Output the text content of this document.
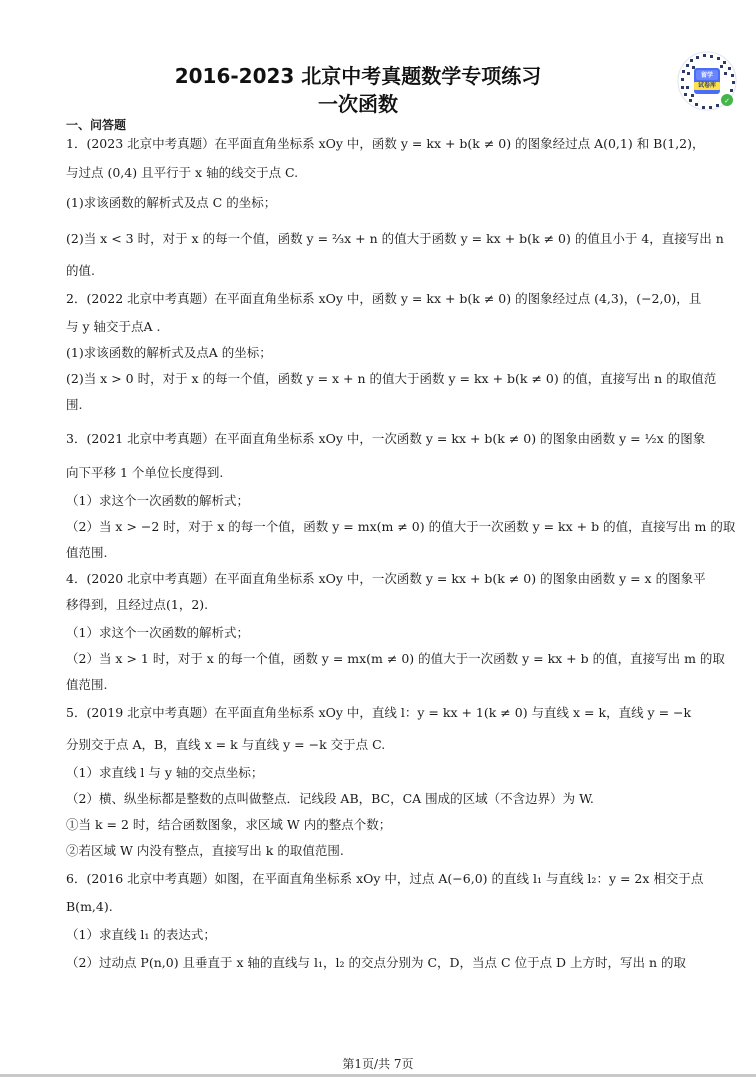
2016-2023 北京中考真题数学专项练习
一次函数	✓
留学
试卷库
一、问答题
1．(2023 北京中考真题）在平面直角坐标系 xOy 中，函数 y = kx + b(k ≠ 0) 的图象经过点 A(0,1) 和 B(1,2)，
与过点 (0,4) 且平行于 x 轴的线交于点 C.
(1)求该函数的解析式及点 C 的坐标；
(2)当 x < 3 时，对于 x 的每一个值，函数 y = ⅔x + n 的值大于函数 y = kx + b(k ≠ 0) 的值且小于 4，直接写出 n
的值.
2．(2022 北京中考真题）在平面直角坐标系 xOy 中，函数 y = kx + b(k ≠ 0) 的图象经过点 (4,3)，(−2,0)，且
与 y 轴交于点A .
(1)求该函数的解析式及点A 的坐标；
(2)当 x > 0 时，对于 x 的每一个值，函数 y = x + n 的值大于函数 y = kx + b(k ≠ 0) 的值，直接写出 n 的取值范
围.
3．(2021 北京中考真题）在平面直角坐标系 xOy 中，一次函数 y = kx + b(k ≠ 0) 的图象由函数 y = ½x 的图象
向下平移 1 个单位长度得到.
（1）求这个一次函数的解析式；
（2）当 x > −2 时，对于 x 的每一个值，函数 y = mx(m ≠ 0) 的值大于一次函数 y = kx + b 的值，直接写出 m 的取
值范围.
4．(2020 北京中考真题）在平面直角坐标系 xOy 中，一次函数 y = kx + b(k ≠ 0) 的图象由函数 y = x 的图象平
移得到，且经过点(1，2).
（1）求这个一次函数的解析式；
（2）当 x > 1 时，对于 x 的每一个值，函数 y = mx(m ≠ 0) 的值大于一次函数 y = kx + b 的值，直接写出 m 的取
值范围.
5．(2019 北京中考真题）在平面直角坐标系 xOy 中，直线 l：y = kx + 1(k ≠ 0) 与直线 x = k，直线 y = −k
分别交于点 A，B，直线 x = k 与直线 y = −k 交于点 C.
（1）求直线 l 与 y 轴的交点坐标；
（2）横、纵坐标都是整数的点叫做整点．记线段 AB，BC，CA 围成的区域（不含边界）为 W.
①当 k = 2 时，结合函数图象，求区域 W 内的整点个数；
②若区域 W 内没有整点，直接写出 k 的取值范围.
6．(2016 北京中考真题）如图，在平面直角坐标系 xOy 中，过点 A(−6,0) 的直线 l₁ 与直线 l₂：y = 2x 相交于点
B(m,4).
（1）求直线 l₁ 的表达式；
（2）过动点 P(n,0) 且垂直于 x 轴的直线与 l₁，l₂ 的交点分别为 C，D，当点 C 位于点 D 上方时，写出 n 的取
第1页/共 7页
